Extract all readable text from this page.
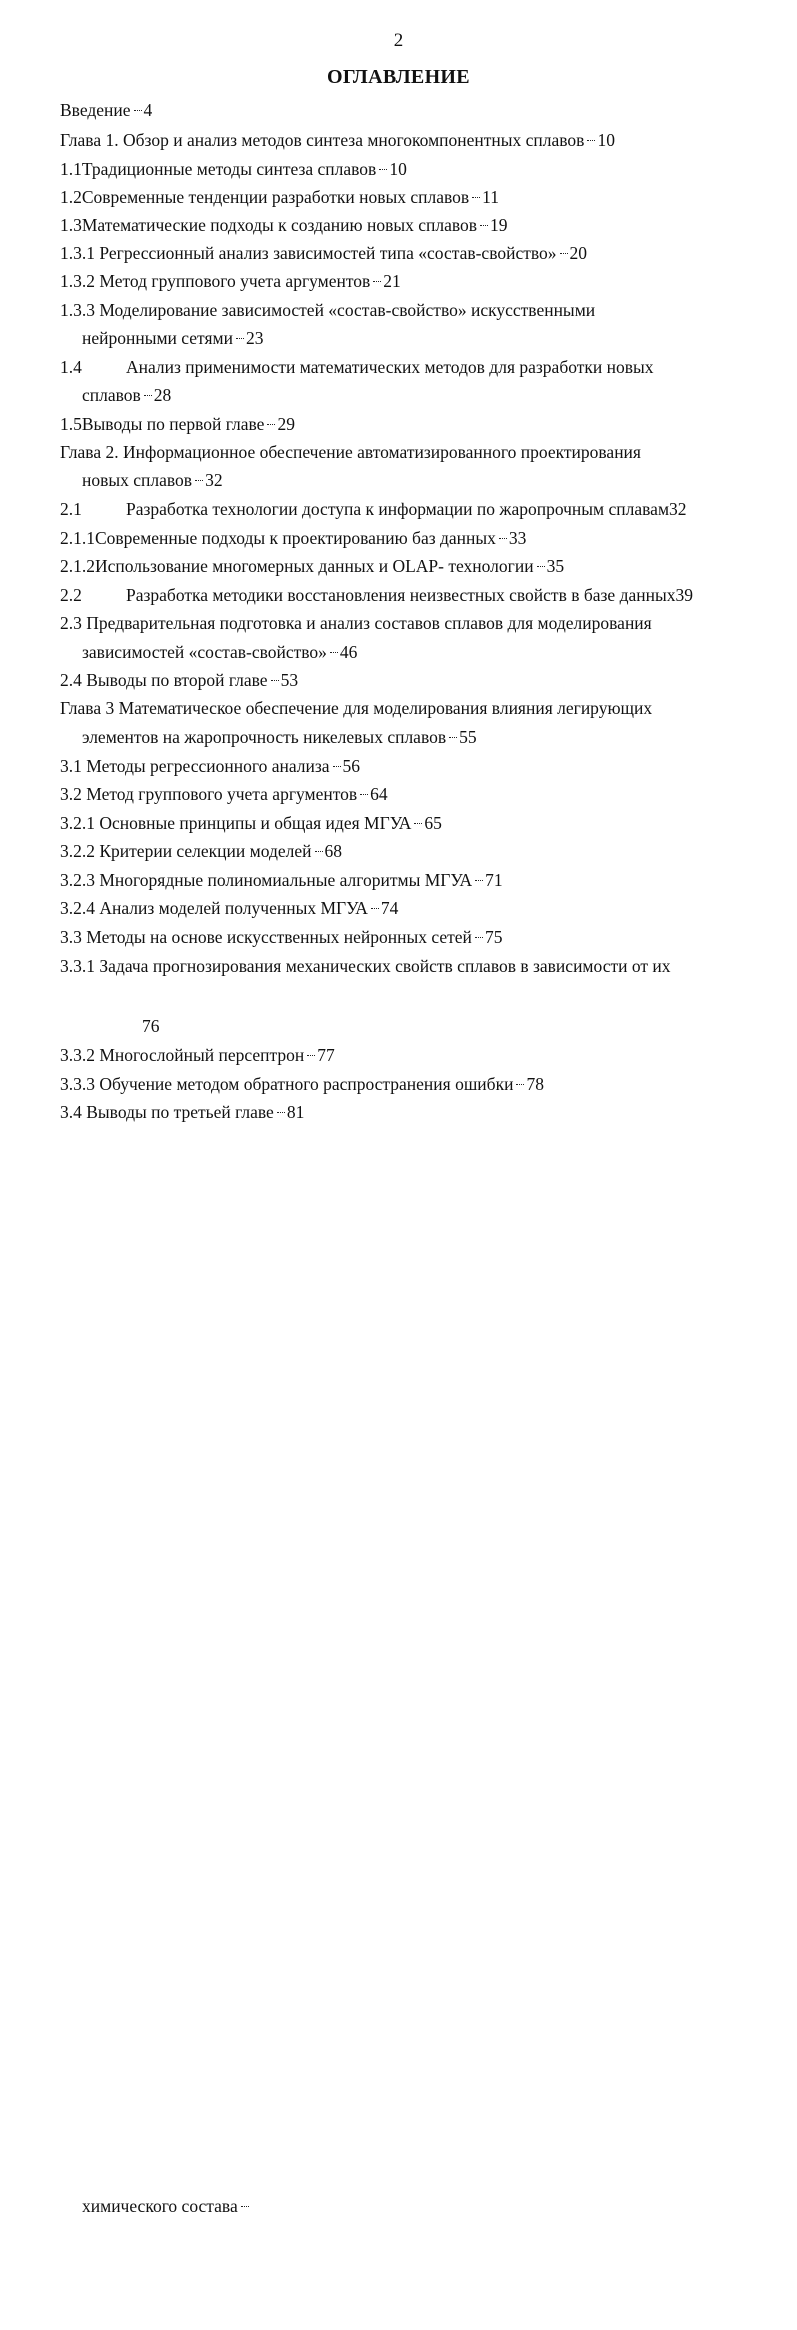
2
ОГЛАВЛЕНИЕ
Введение 4
Глава 1. Обзор и анализ методов синтеза многокомпонентных сплавов 10
1.1 Традиционные методы синтеза сплавов 10
1.2 Современные тенденции разработки новых сплавов 11
1.3 Математические подходы к созданию новых сплавов 19
1.3.1 Регрессионный анализ зависимостей типа «состав-свойство» 20
1.3.2 Метод группового учета аргументов 21
1.3.3 Моделирование зависимостей «состав-свойство» искусственными
нейронными сетями 23
1.4	Анализ применимости математических методов для разработки новых
сплавов 28
1.5 Выводы по первой главе 29
Глава 2. Информационное обеспечение автоматизированного проектирования
новых сплавов 32
2.1	Разработка технологии доступа к информации по жаропрочным сплавам32
2.1.1 Современные подходы к проектированию баз данных 33
2.1.2 Использование многомерных данных и OLAP- технологии 35
2.2	Разработка методики восстановления неизвестных свойств в базе данных39
2.3 Предварительная подготовка и анализ составов сплавов для моделирования
зависимостей «состав-свойство» 46
2.4 Выводы по второй главе 53
Глава 3 Математическое обеспечение для моделирования влияния легирующих
элементов на жаропрочность никелевых сплавов 55
3.1 Методы регрессионного анализа 56
3.2 Метод группового учета аргументов 64
3.2.1 Основные принципы и общая идея МГУА 65
3.2.2 Критерии селекции моделей 68
3.2.3 Многорядные полиномиальные алгоритмы МГУА 71
3.2.4 Анализ моделей полученных МГУА 74
3.3 Методы на основе искусственных нейронных сетей 75
3.3.1 Задача прогнозирования механических свойств сплавов в зависимости от их
химического состава
76
3.3.2 Многослойный персептрон 77
3.3.3 Обучение методом обратного распространения ошибки 78
3.4 Выводы по третьей главе 81
